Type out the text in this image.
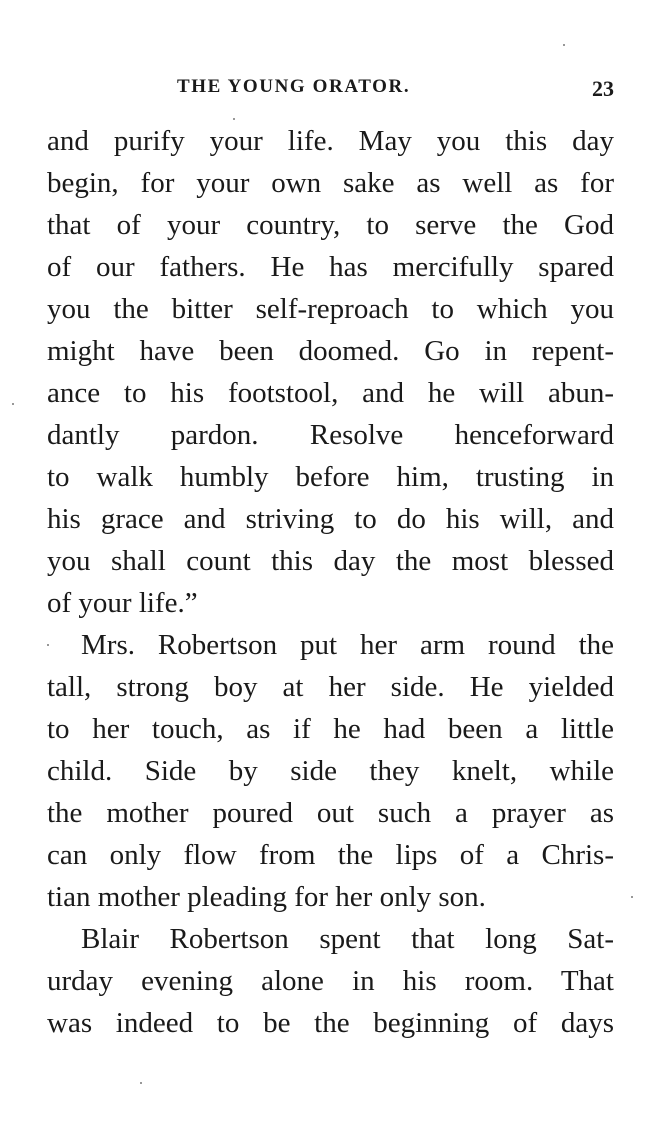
THE YOUNG ORATOR.	23
and purify your life. May you this day
begin, for your own sake as well as for
that of your country, to serve the God
of our fathers. He has mercifully spared
you the bitter self-reproach to which you
might have been doomed. Go in repent-
ance to his footstool, and he will abun-
dantly pardon. Resolve henceforward
to walk humbly before him, trusting in
his grace and striving to do his will, and
you shall count this day the most blessed
of your life.”
Mrs. Robertson put her arm round the
tall, strong boy at her side. He yielded
to her touch, as if he had been a little
child. Side by side they knelt, while
the mother poured out such a prayer as
can only flow from the lips of a Chris-
tian mother pleading for her only son.
Blair Robertson spent that long Sat-
urday evening alone in his room. That
was indeed to be the beginning of days
